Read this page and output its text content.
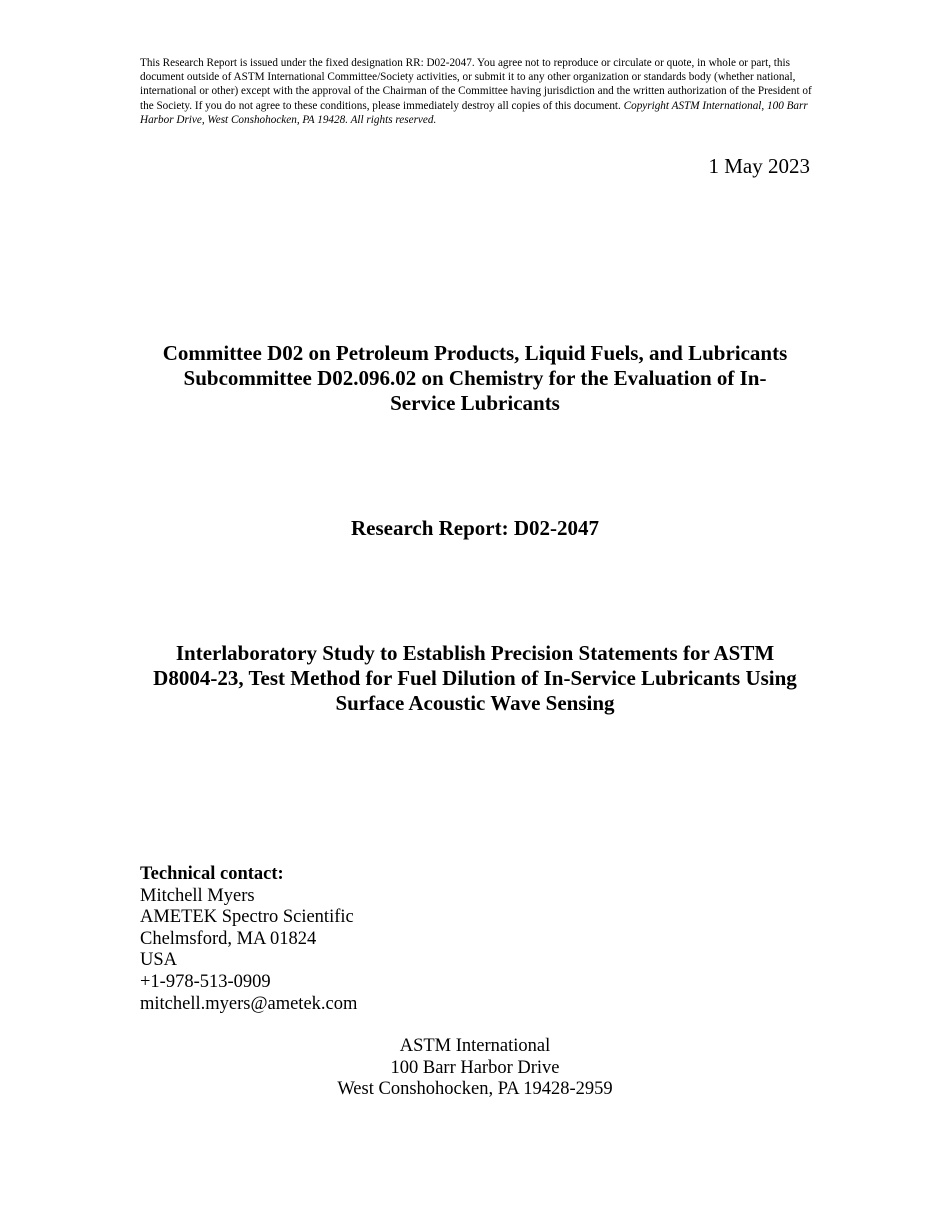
This Research Report is issued under the fixed designation RR: D02-2047. You agree not to reproduce or circulate or quote, in whole or part, this document outside of ASTM International Committee/Society activities, or submit it to any other organization or standards body (whether national, international or other) except with the approval of the Chairman of the Committee having jurisdiction and the written authorization of the President of the Society. If you do not agree to these conditions, please immediately destroy all copies of this document. Copyright ASTM International, 100 Barr Harbor Drive, West Conshohocken, PA 19428. All rights reserved.
1 May 2023
Committee D02 on Petroleum Products, Liquid Fuels, and Lubricants
Subcommittee D02.096.02 on Chemistry for the Evaluation of In-
Service Lubricants
Research Report: D02-2047
Interlaboratory Study to Establish Precision Statements for ASTM
D8004-23, Test Method for Fuel Dilution of In-Service Lubricants Using
Surface Acoustic Wave Sensing
Technical contact:
Mitchell Myers
AMETEK Spectro Scientific
Chelmsford, MA 01824
USA
+1-978-513-0909
mitchell.myers@ametek.com
ASTM International
100 Barr Harbor Drive
West Conshohocken, PA 19428-2959
